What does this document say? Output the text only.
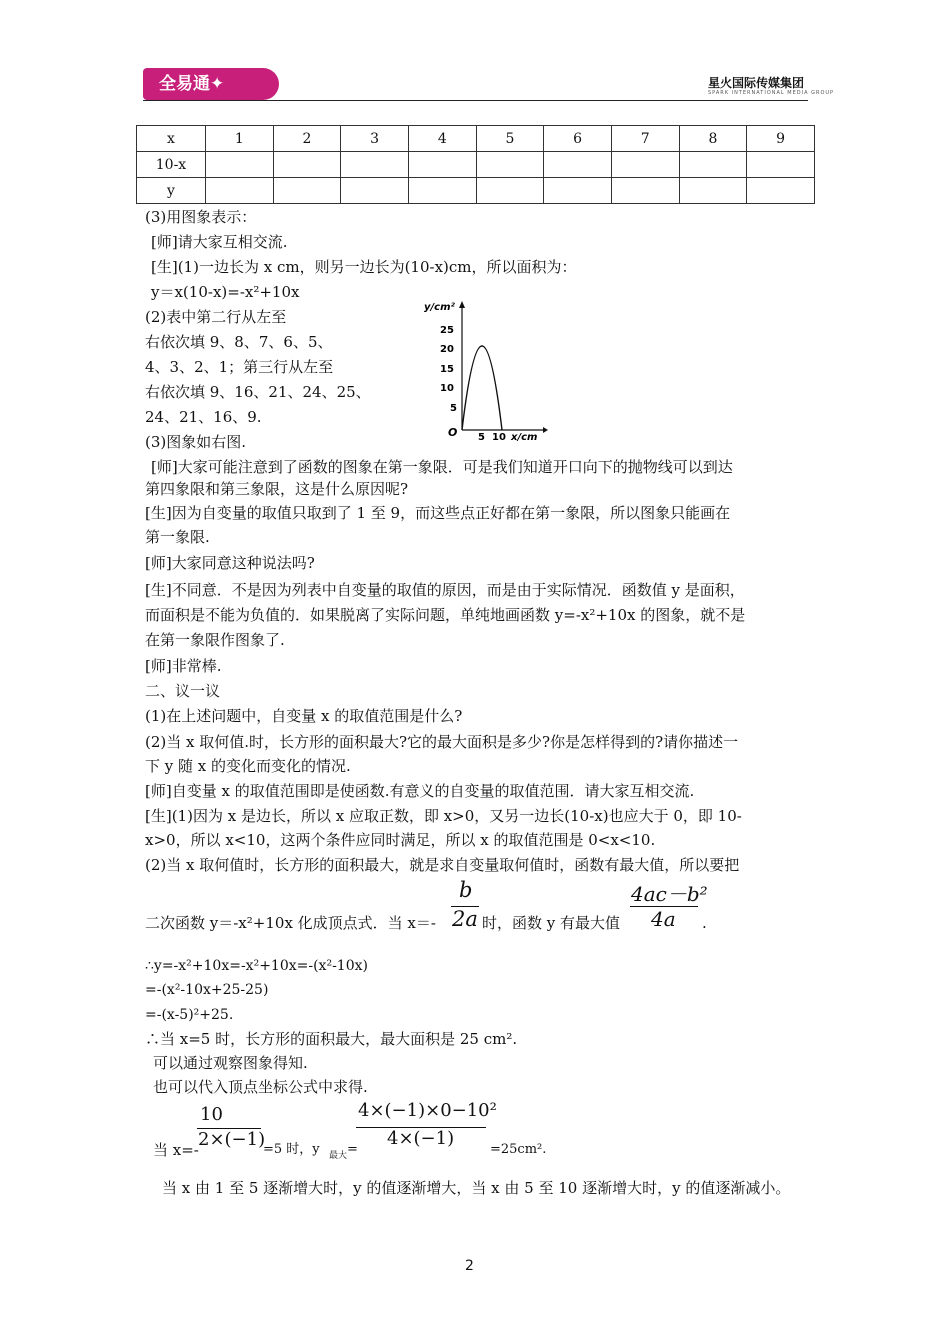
全易通✦	星火国际传媒集团
SPARK INTERNATIONAL MEDIA GROUP
x	1	2	3	4	5	6	7	8	9
10-x									
y									
(3)用图象表示：
[师]请大家互相交流.
[生](1)一边长为 x cm，则另一边长为(10-x)cm，所以面积为：
y＝x(10-x)=-x²+10x
(2)表中第二行从左至
右依次填 9、8、7、6、5、
4、3、2、1；第三行从左至
右依次填 9、16、21、24、25、
24、21、16、9.
(3)图象如右图.
y/cm²
25
20
15
10
5
O 5 10 x/cm
[师]大家可能注意到了函数的图象在第一象限．可是我们知道开口向下的抛物线可以到达
第四象限和第三象限，这是什么原因呢?
[生]因为自变量的取值只取到了 1 至 9，而这些点正好都在第一象限，所以图象只能画在
第一象限.
[师]大家同意这种说法吗?
[生]不同意．不是因为列表中自变量的取值的原因，而是由于实际情况．函数值 y 是面积，
而面积是不能为负值的．如果脱离了实际问题，单纯地画函数 y=-x²+10x 的图象，就不是
在第一象限作图象了.
[师]非常棒.
二、议一议
(1)在上述问题中，自变量 x 的取值范围是什么?
(2)当 x 取何值.时，长方形的面积最大?它的最大面积是多少?你是怎样得到的?请你描述一
下 y 随 x 的变化而变化的情况.
[师]自变量 x 的取值范围即是使函数.有意义的自变量的取值范围．请大家互相交流.
[生](1)因为 x 是边长，所以 x 应取正数，即 x>0，又另一边长(10-x)也应大于 0，即 10-
x>0，所以 x<10，这两个条件应同时满足，所以 x 的取值范围是 0<x<10.
(2)当 x 取何值时，长方形的面积最大，就是求自变量取何值时，函数有最大值，所以要把
二次函数 y＝-x²+10x 化成顶点式．当 x＝-
b
2a 时，函数 y 有最大值
4ac－b²
4a .
∴y=-x²+10x=-x²+10x=-(x²-10x)
=-(x²-10x+25-25)
=-(x-5)²+25.
∴当 x=5 时，长方形的面积最大，最大面积是 25 cm².
可以通过观察图象得知.
也可以代入顶点坐标公式中求得.
当 x=-
10
2×(−1)
=5 时，y 最大 =
4×(−1)×0−10²
4×(−1)
=25cm².
当 x 由 1 至 5 逐渐增大时，y 的值逐渐增大，当 x 由 5 至 10 逐渐增大时，y 的值逐渐减小。
2
